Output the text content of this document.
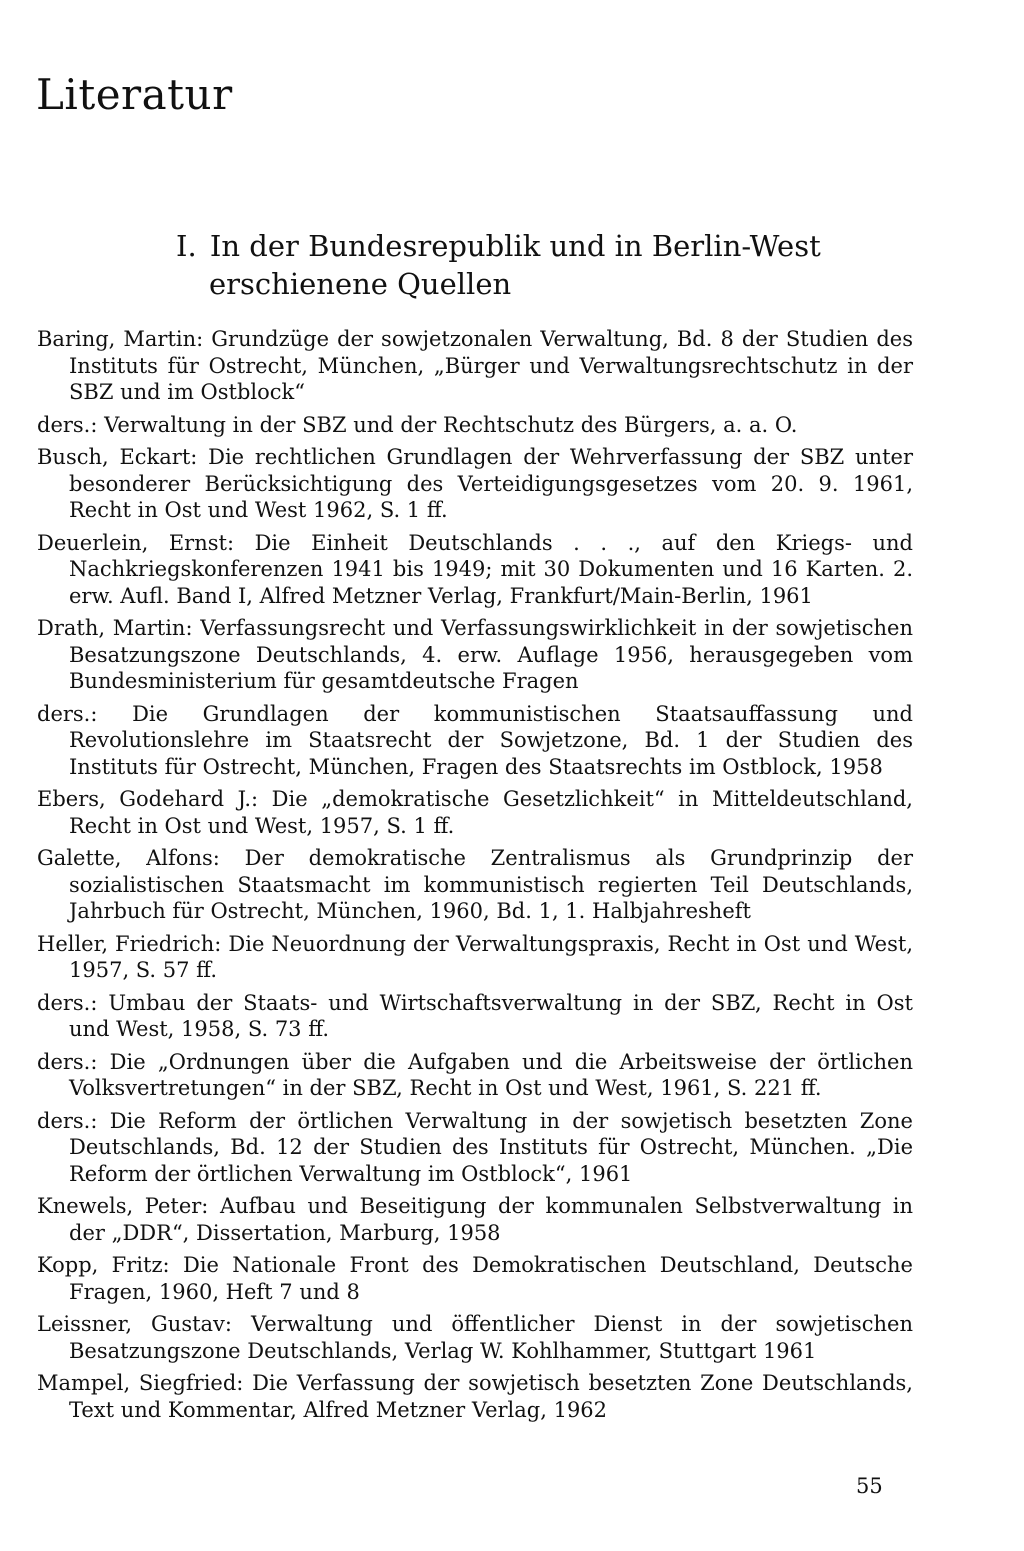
Literatur
I. In der Bundesrepublik und in Berlin-West
erschienene Quellen
Baring, Martin: Grundzüge der sowjetzonalen Verwaltung, Bd. 8 der Studien des Instituts für Ostrecht, München, „Bürger und Verwaltungsrechtschutz in der SBZ und im Ostblock“
ders.: Verwaltung in der SBZ und der Rechtschutz des Bürgers, a. a. O.
Busch, Eckart: Die rechtlichen Grundlagen der Wehrverfassung der SBZ unter besonderer Berücksichtigung des Verteidigungsgesetzes vom 20. 9. 1961, Recht in Ost und West 1962, S. 1 ff.
Deuerlein, Ernst: Die Einheit Deutschlands . . ., auf den Kriegs- und Nachkriegskonferenzen 1941 bis 1949; mit 30 Dokumenten und 16 Karten. 2. erw. Aufl. Band I, Alfred Metzner Verlag, Frankfurt/Main-Berlin, 1961
Drath, Martin: Verfassungsrecht und Verfassungswirklichkeit in der sowjetischen Besatzungszone Deutschlands, 4. erw. Auflage 1956, herausgegeben vom Bundesministerium für gesamtdeutsche Fragen
ders.: Die Grundlagen der kommunistischen Staatsauffassung und Revolutionslehre im Staatsrecht der Sowjetzone, Bd. 1 der Studien des Instituts für Ostrecht, München, Fragen des Staatsrechts im Ostblock, 1958
Ebers, Godehard J.: Die „demokratische Gesetzlichkeit“ in Mitteldeutschland, Recht in Ost und West, 1957, S. 1 ff.
Galette, Alfons: Der demokratische Zentralismus als Grundprinzip der sozialistischen Staatsmacht im kommunistisch regierten Teil Deutschlands, Jahrbuch für Ostrecht, München, 1960, Bd. 1, 1. Halbjahresheft
Heller, Friedrich: Die Neuordnung der Verwaltungspraxis, Recht in Ost und West, 1957, S. 57 ff.
ders.: Umbau der Staats- und Wirtschaftsverwaltung in der SBZ, Recht in Ost und West, 1958, S. 73 ff.
ders.: Die „Ordnungen über die Aufgaben und die Arbeitsweise der örtlichen Volksvertretungen“ in der SBZ, Recht in Ost und West, 1961, S. 221 ff.
ders.: Die Reform der örtlichen Verwaltung in der sowjetisch besetzten Zone Deutschlands, Bd. 12 der Studien des Instituts für Ostrecht, München. „Die Reform der örtlichen Verwaltung im Ostblock“, 1961
Knewels, Peter: Aufbau und Beseitigung der kommunalen Selbstverwaltung in der „DDR“, Dissertation, Marburg, 1958
Kopp, Fritz: Die Nationale Front des Demokratischen Deutschland, Deutsche Fragen, 1960, Heft 7 und 8
Leissner, Gustav: Verwaltung und öffentlicher Dienst in der sowjetischen Besatzungszone Deutschlands, Verlag W. Kohlhammer, Stuttgart 1961
Mampel, Siegfried: Die Verfassung der sowjetisch besetzten Zone Deutschlands, Text und Kommentar, Alfred Metzner Verlag, 1962
55
